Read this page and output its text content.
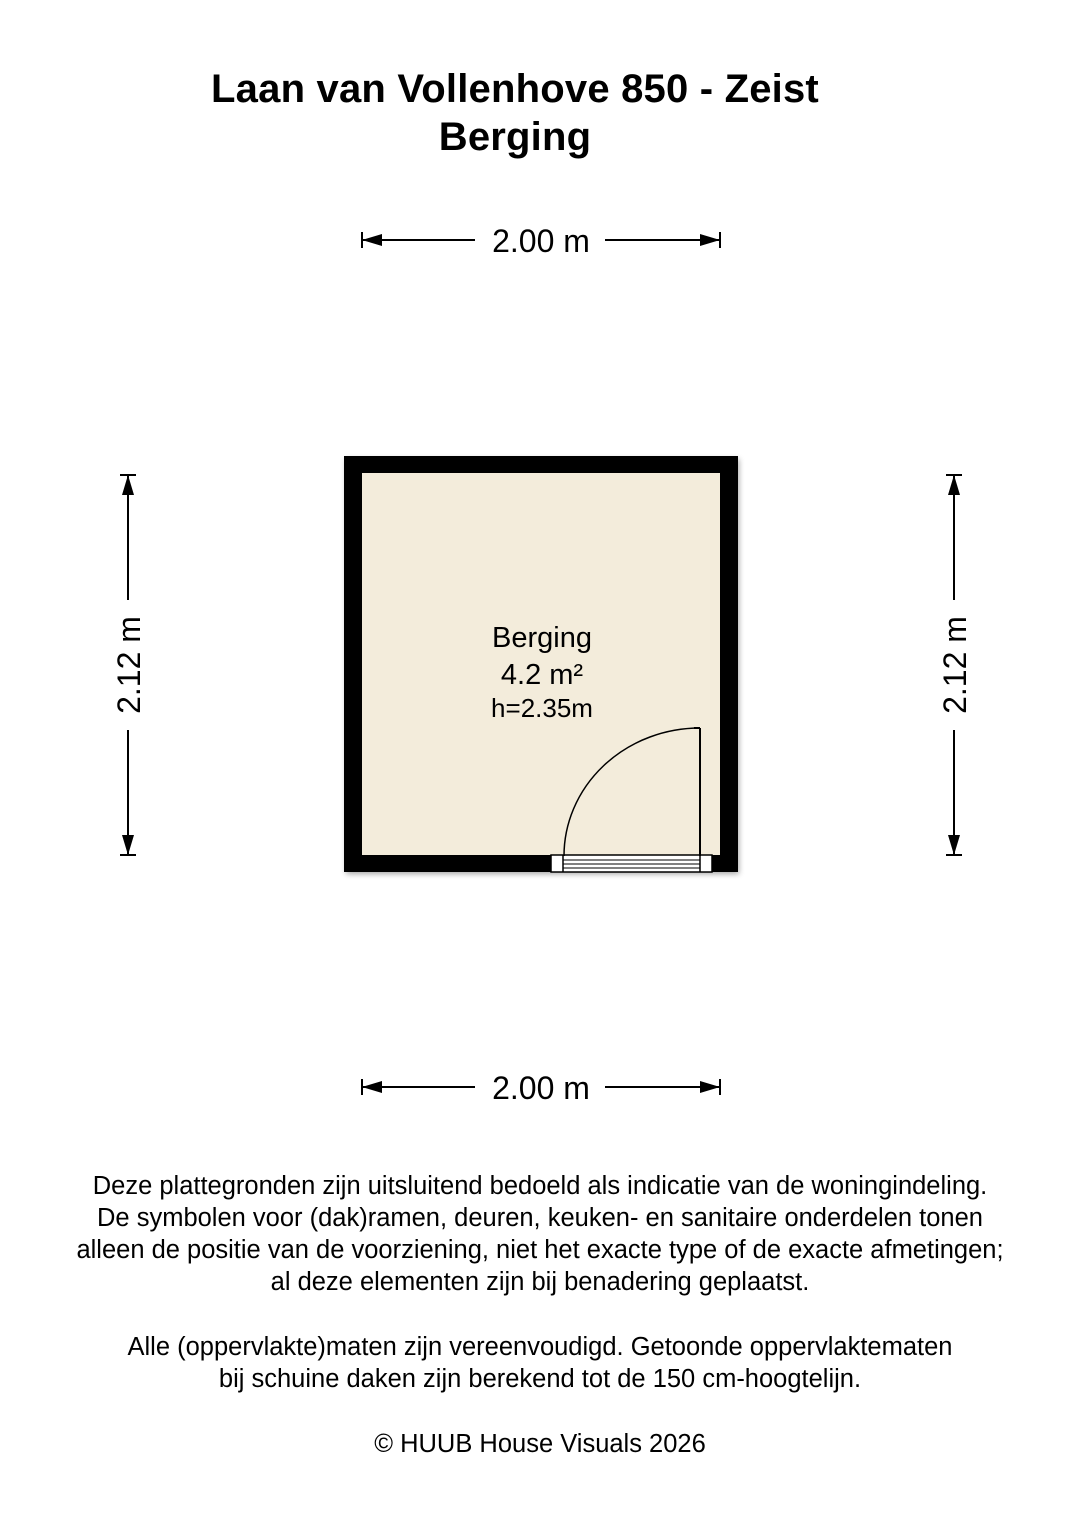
Laan van Vollenhove 850 - Zeist
Berging
2.00 m
2.00 m
2.12 m	2.12 m
Berging
4.2 m²
h=2.35m
Deze plattegronden zijn uitsluitend bedoeld als indicatie van de woningindeling.
De symbolen voor (dak)ramen, deuren, keuken- en sanitaire onderdelen tonen
alleen de positie van de voorziening, niet het exacte type of de exacte afmetingen;
al deze elementen zijn bij benadering geplaatst.
Alle (oppervlakte)maten zijn vereenvoudigd. Getoonde oppervlaktematen
bij schuine daken zijn berekend tot de 150 cm-hoogtelijn.
© HUUB House Visuals 2026
